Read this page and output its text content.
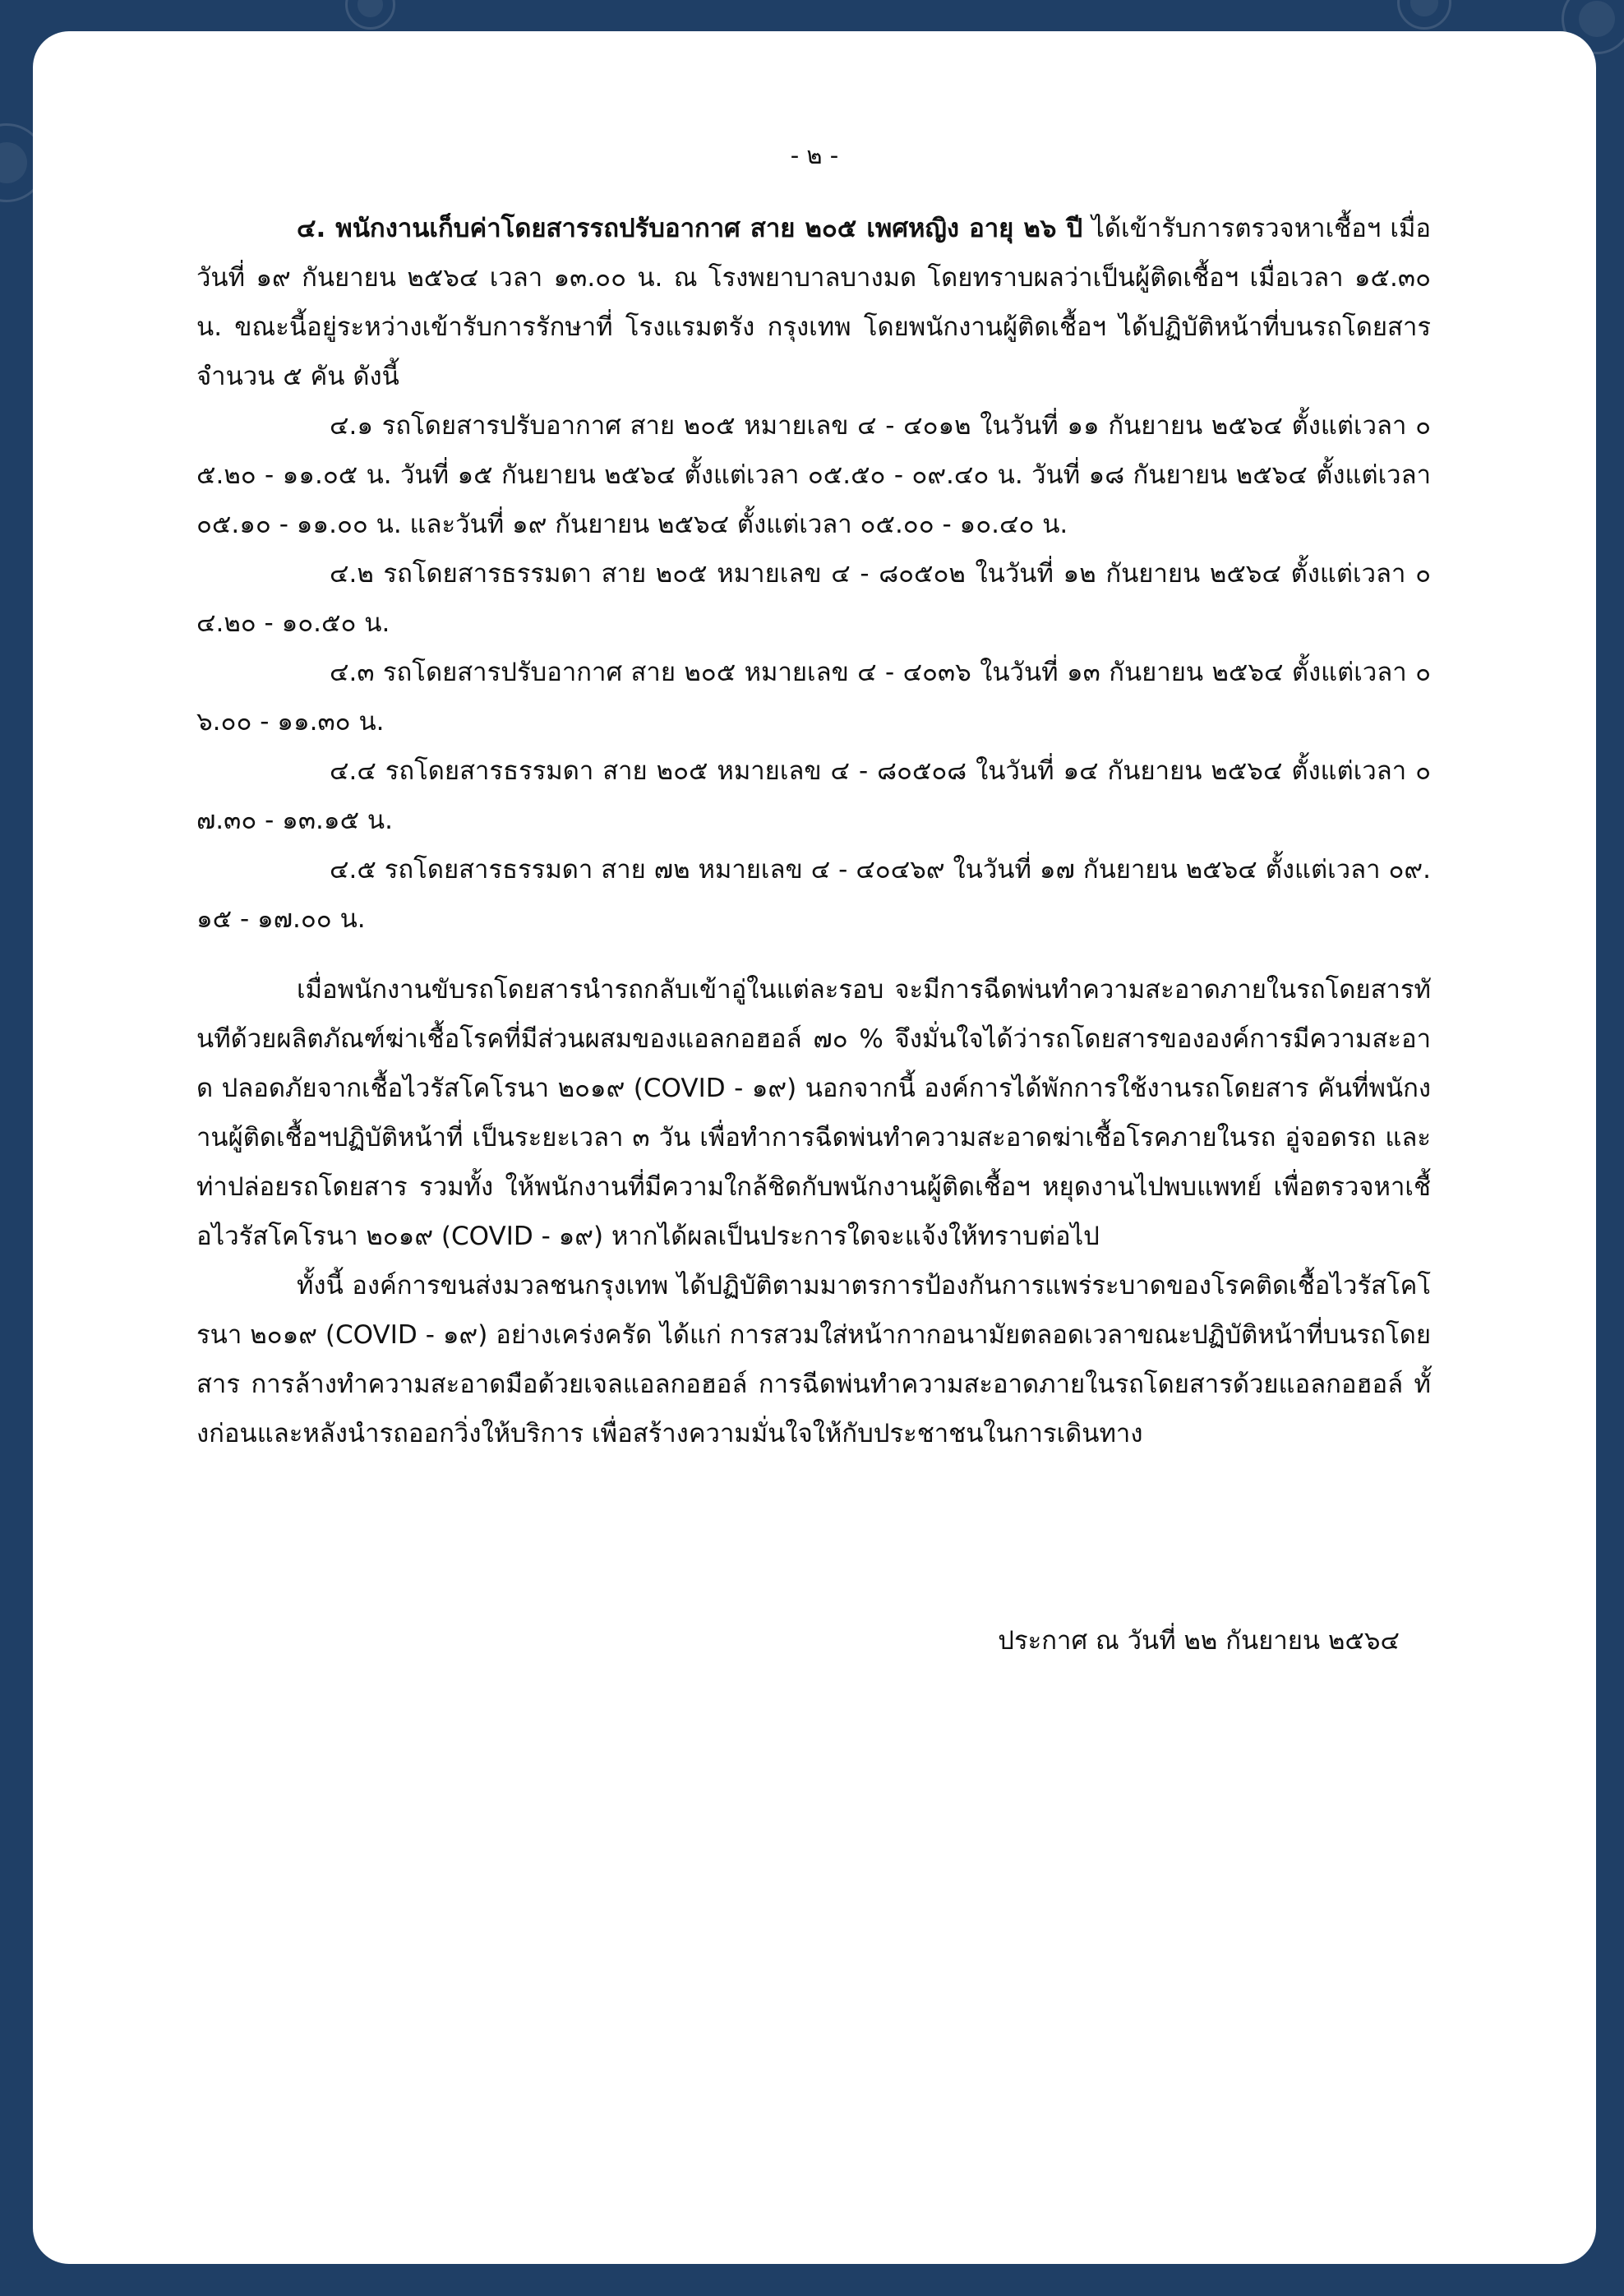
- ๒ -

๔. พนักงานเก็บค่าโดยสารรถปรับอากาศ สาย ๒๐๕ เพศหญิง อายุ ๒๖ ปี ได้เข้ารับการตรวจหาเชื้อฯ เมื่อวันที่ ๑๙ กันยายน ๒๕๖๔ เวลา ๑๓.๐๐ น. ณ โรงพยาบาลบางมด โดยทราบผลว่าเป็นผู้ติดเชื้อฯ เมื่อเวลา ๑๕.๓๐ น. ขณะนี้อยู่ระหว่างเข้ารับการรักษาที่ โรงแรมตรัง กรุงเทพ โดยพนักงานผู้ติดเชื้อฯ ได้ปฏิบัติหน้าที่บนรถโดยสาร จำนวน ๕ คัน ดังนี้

๔.๑ รถโดยสารปรับอากาศ สาย ๒๐๕ หมายเลข ๔ - ๔๐๑๒ ในวันที่ ๑๑ กันยายน ๒๕๖๔ ตั้งแต่เวลา ๐๕.๒๐ - ๑๑.๐๕ น. วันที่ ๑๕ กันยายน ๒๕๖๔ ตั้งแต่เวลา ๐๕.๕๐ - ๐๙.๔๐ น. วันที่ ๑๘ กันยายน ๒๕๖๔ ตั้งแต่เวลา ๐๕.๑๐ - ๑๑.๐๐ น. และวันที่ ๑๙ กันยายน ๒๕๖๔ ตั้งแต่เวลา ๐๕.๐๐ - ๑๐.๔๐ น.

๔.๒ รถโดยสารธรรมดา สาย ๒๐๕ หมายเลข ๔ - ๘๐๕๐๒ ในวันที่ ๑๒ กันยายน ๒๕๖๔ ตั้งแต่เวลา ๐๔.๒๐ - ๑๐.๕๐ น.

๔.๓ รถโดยสารปรับอากาศ สาย ๒๐๕ หมายเลข ๔ - ๔๐๓๖ ในวันที่ ๑๓ กันยายน ๒๕๖๔ ตั้งแต่เวลา ๐๖.๐๐ - ๑๑.๓๐ น.

๔.๔ รถโดยสารธรรมดา สาย ๒๐๕ หมายเลข ๔ - ๘๐๕๐๘ ในวันที่ ๑๔ กันยายน ๒๕๖๔ ตั้งแต่เวลา ๐๗.๓๐ - ๑๓.๑๕ น.

๔.๕ รถโดยสารธรรมดา สาย ๗๒ หมายเลข ๔ - ๔๐๔๖๙ ในวันที่ ๑๗ กันยายน ๒๕๖๔ ตั้งแต่เวลา ๐๙.๑๕ - ๑๗.๐๐ น.

เมื่อพนักงานขับรถโดยสารนำรถกลับเข้าอู่ในแต่ละรอบ จะมีการฉีดพ่นทำความสะอาดภายในรถโดยสารทันทีด้วยผลิตภัณฑ์ฆ่าเชื้อโรคที่มีส่วนผสมของแอลกอฮอล์ ๗๐ % จึงมั่นใจได้ว่ารถโดยสารขององค์การมีความสะอาด ปลอดภัยจากเชื้อไวรัสโคโรนา ๒๐๑๙ (COVID - ๑๙) นอกจากนี้ องค์การได้พักการใช้งานรถโดยสาร คันที่พนักงานผู้ติดเชื้อฯปฏิบัติหน้าที่ เป็นระยะเวลา ๓ วัน เพื่อทำการฉีดพ่นทำความสะอาดฆ่าเชื้อโรคภายในรถ อู่จอดรถ และท่าปล่อยรถโดยสาร รวมทั้ง ให้พนักงานที่มีความใกล้ชิดกับพนักงานผู้ติดเชื้อฯ หยุดงานไปพบแพทย์ เพื่อตรวจหาเชื้อไวรัสโคโรนา ๒๐๑๙ (COVID - ๑๙) หากได้ผลเป็นประการใดจะแจ้งให้ทราบต่อไป

ทั้งนี้ องค์การขนส่งมวลชนกรุงเทพ ได้ปฏิบัติตามมาตรการป้องกันการแพร่ระบาดของโรคติดเชื้อไวรัสโคโรนา ๒๐๑๙ (COVID - ๑๙) อย่างเคร่งครัด ได้แก่ การสวมใส่หน้ากากอนามัยตลอดเวลาขณะปฏิบัติหน้าที่บนรถโดยสาร การล้างทำความสะอาดมือด้วยเจลแอลกอฮอล์ การฉีดพ่นทำความสะอาดภายในรถโดยสารด้วยแอลกอฮอล์ ทั้งก่อนและหลังนำรถออกวิ่งให้บริการ เพื่อสร้างความมั่นใจให้กับประชาชนในการเดินทาง

ประกาศ ณ วันที่ ๒๒ กันยายน ๒๕๖๔
